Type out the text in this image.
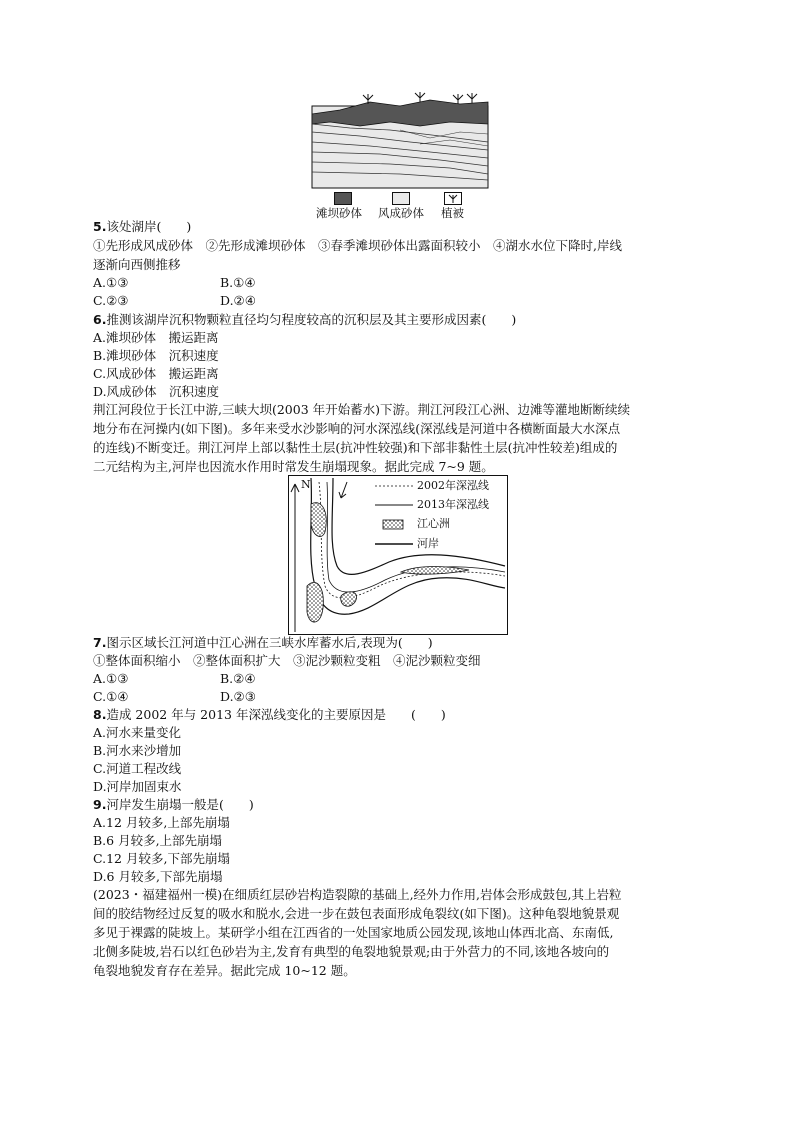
滩坝砂体 风成砂体 植被
5.该处湖岸(　　)
①先形成风成砂体　②先形成滩坝砂体　③春季滩坝砂体出露面积较小　④湖水水位下降时,岸线
逐渐向西侧推移
A.①③	B.①④
C.②③	D.②④
6.推测该湖岸沉积物颗粒直径均匀程度较高的沉积层及其主要形成因素(　　)
A.滩坝砂体　搬运距离
B.滩坝砂体　沉积速度
C.风成砂体　搬运距离
D.风成砂体　沉积速度
荆江河段位于长江中游,三峡大坝(2003 年开始蓄水)下游。荆江河段江心洲、边滩等灌地断断续续
地分布在河操内(如下图)。多年来受水沙影响的河水深泓线(深泓线是河道中各横断面最大水深点
的连线)不断变迁。荆江河岸上部以黏性土层(抗冲性较强)和下部非黏性土层(抗冲性较差)组成的
二元结构为主,河岸也因流水作用时常发生崩塌现象。据此完成 7~9 题。
N	2002年深泓线
2013年深泓线
江心洲
河岸
7.图示区域长江河道中江心洲在三峡水库蓄水后,表现为(　　)
①整体面积缩小　②整体面积扩大　③泥沙颗粒变粗　④泥沙颗粒变细
A.①③	B.②④
C.①④	D.②③
8.造成 2002 年与 2013 年深泓线变化的主要原因是　　(　　)
A.河水来量变化
B.河水来沙增加
C.河道工程改线
D.河岸加固束水
9.河岸发生崩塌一般是(　　)
A.12 月较多,上部先崩塌
B.6 月较多,上部先崩塌
C.12 月较多,下部先崩塌
D.6 月较多,下部先崩塌
(2023・福建福州一模)在细质红层砂岩构造裂隙的基础上,经外力作用,岩体会形成鼓包,其上岩粒
间的胶结物经过反复的吸水和脱水,会进一步在鼓包表面形成龟裂纹(如下图)。这种龟裂地貌景观
多见于裸露的陡坡上。某研学小组在江西省的一处国家地质公园发现,该地山体西北高、东南低,
北侧多陡坡,岩石以红色砂岩为主,发育有典型的龟裂地貌景观;由于外营力的不同,该地各坡向的
龟裂地貌发育存在差异。据此完成 10~12 题。
